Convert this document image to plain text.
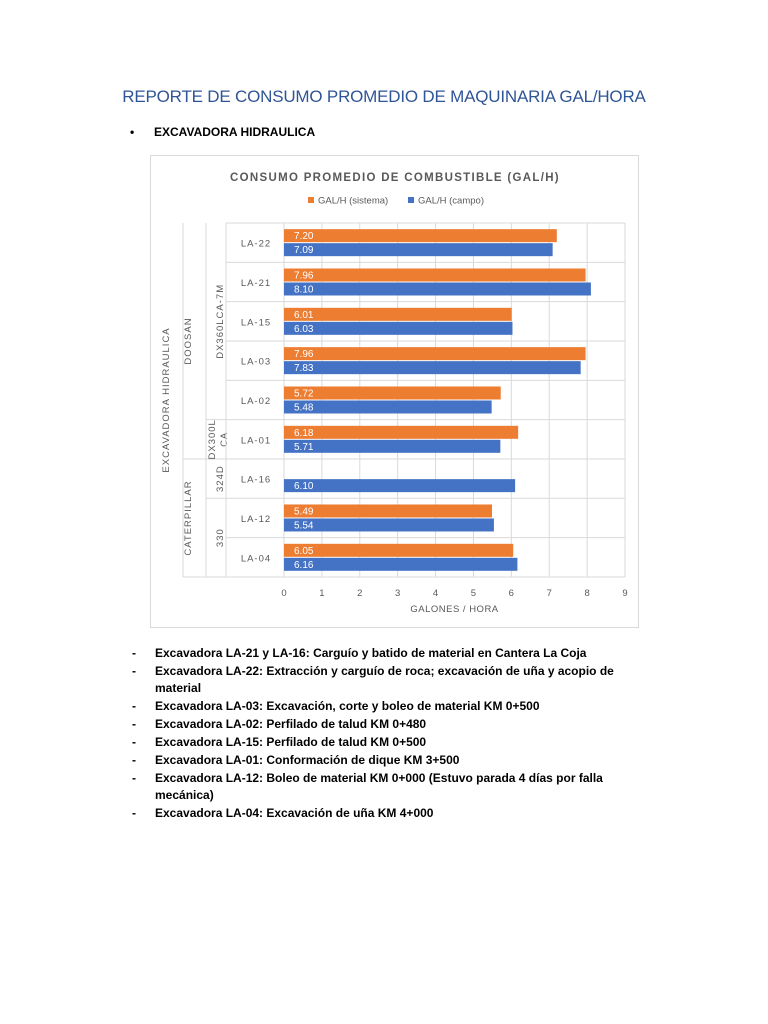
REPORTE DE CONSUMO PROMEDIO DE MAQUINARIA GAL/HORA
• EXCAVADORA HIDRAULICA
CONSUMO PROMEDIO DE COMBUSTIBLE (GAL/H)
GAL/H (sistema)	GAL/H (campo)
0	1	2	3	4	5	6	7	8	9
GALONES / HORA
7.20
7.09
LA-22
7.96
8.10
LA-21
6.01
6.03
LA-15
7.96
7.83
LA-03
5.72
5.48
LA-02
6.18
5.71
LA-01
6.10
LA-16
5.49
5.54
LA-12
6.05
6.16
LA-04
EXCAVADORA HIDRAULICA DOOSAN DX360LCA-7M
DX300L CA
CATERPILLAR
324D
330
- Excavadora LA-21 y LA-16: Carguío y batido de material en Cantera La Coja
- Excavadora LA-22: Extracción y carguío de roca; excavación de uña y acopio de material
- Excavadora LA-03: Excavación, corte y boleo de material KM 0+500
- Excavadora LA-02: Perfilado de talud KM 0+480
- Excavadora LA-15: Perfilado de talud KM 0+500
- Excavadora LA-01: Conformación de dique KM 3+500
- Excavadora LA-12: Boleo de material KM 0+000 (Estuvo parada 4 días por falla mecánica)
- Excavadora LA-04: Excavación de uña KM 4+000
